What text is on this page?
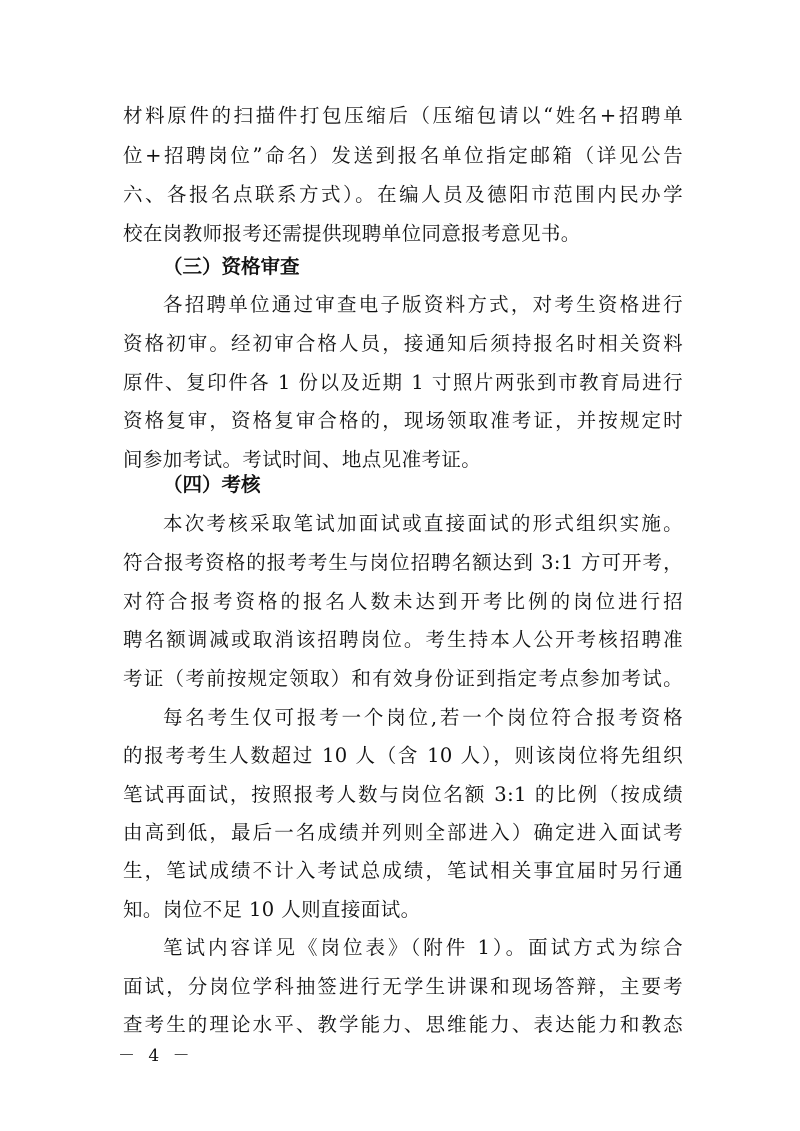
材料原件的扫描件打包压缩后（压缩包请以“姓名+招聘单
位+招聘岗位”命名）发送到报名单位指定邮箱（详见公告
六、各报名点联系方式）。在编人员及德阳市范围内民办学
校在岗教师报考还需提供现聘单位同意报考意见书。
（三）资格审查
各招聘单位通过审查电子版资料方式，对考生资格进行
资格初审。经初审合格人员，接通知后须持报名时相关资料
原件、复印件各 1 份以及近期 1 寸照片两张到市教育局进行
资格复审，资格复审合格的，现场领取准考证，并按规定时
间参加考试。考试时间、地点见准考证。
（四）考核
本次考核采取笔试加面试或直接面试的形式组织实施。
符合报考资格的报考考生与岗位招聘名额达到 3:1 方可开考，
对符合报考资格的报名人数未达到开考比例的岗位进行招
聘名额调减或取消该招聘岗位。考生持本人公开考核招聘准
考证（考前按规定领取）和有效身份证到指定考点参加考试。
每名考生仅可报考一个岗位,若一个岗位符合报考资格
的报考考生人数超过 10 人（含 10 人），则该岗位将先组织
笔试再面试，按照报考人数与岗位名额 3:1 的比例（按成绩
由高到低，最后一名成绩并列则全部进入）确定进入面试考
生，笔试成绩不计入考试总成绩，笔试相关事宜届时另行通
知。岗位不足 10 人则直接面试。
笔试内容详见《岗位表》（附件 1）。面试方式为综合
面试，分岗位学科抽签进行无学生讲课和现场答辩，主要考
查考生的理论水平、教学能力、思维能力、表达能力和教态
－ 4 －
